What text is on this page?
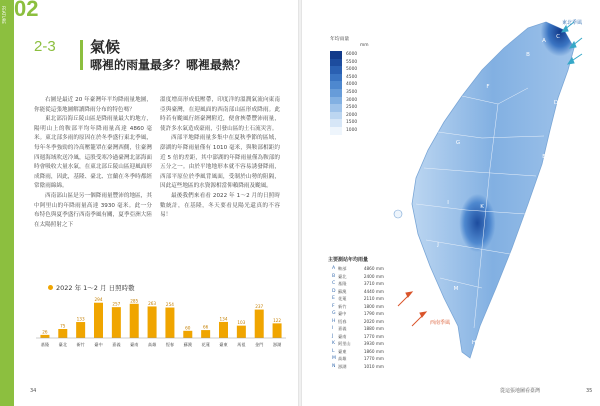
FEATURE 02
2-3 氣候
哪裡的雨量最多？哪裡最熱？

右圖是最近 20 年臺灣年平均降雨量地圖，你能從這張地圖解讀降雨分布的特色嗎？

東北部沿海丘陵山區是降雨量最大的地方，陽明山上的鞍部平均年降雨量高達 4860 毫米。東北部多雨的原因在於冬季盛行東北季風，每年冬季強勁的冷高壓籠罩在臺灣西側，往臺灣四週海域吹送冷風，這股受寒冷過臺灣北部海面時會吸收大量水氣，在東北部丘陵山區迎風面形成降雨，因此，基隆、臺北、宜蘭在冬季時都經常陰雨綿綿。

西南部山區是另一個降雨量豐沛的地區，其中阿里山的年降雨量高達 3930 毫米。此一分布特色與夏季盛行西南季風有關，夏季亞洲大陸在太陽照射之下

溫度增高形成低壓帶，印度洋的溫潤氣流向東南亞與臺灣，在迎風面的西南部山區形成降雨。此時若有颱風行經臺灣附近，便會挾帶豐沛雨量，使許多水氣造成豪雨，引發山區的土石流災害。

西部平地降雨量多集中在夏秋季節的區域，澎湖的年降雨量僅有 1010 毫米，與鞍部相距約近 5 倍的差距，其中澎湖的年降雨量僅為鞍部的五分之一。由於平地地形本就不容易誘發降雨，西部平原位於季風背風面，受制於山勢的阻隔，因此這些地區的水資源相當仰賴降雨及颱風。

最後我們來看看 2022 年 1～2 月的日照時數統計，在基隆，冬天要看見陽光還真的不容易！

2022 年 1～2 月 日照時數
26
基隆
75
臺北
133
新竹
294
臺中
257
嘉義
285
臺南
263
高雄
254
恆春
60
蘇澳
66
花蓮
134
臺東
103
馬祖
237
金門
122
澎湖
34
年均雨量
mm
6000
5500
5000
4500
4000
3500
3000
2500
2000
1500
1000
主要測站年均雨量
A 鞍部	4860 mm
B 臺北	2400 mm
C 基隆	3710 mm
D 蘇澳	4440 mm
E 花蓮	2110 mm
F 新竹	1800 mm
G 臺中	1790 mm
H 恆春	2020 mm
I	嘉義	1880 mm
J	臺南	1770 mm
K 阿里山	3930 mm
L 臺東	1860 mm
M 高雄	1770 mm
N 澎湖	1010 mm
A
B
C
D
E
F
G
H
I
J
K
L
M
N
東北季風
西南季風
從這張地圖看臺灣	35
